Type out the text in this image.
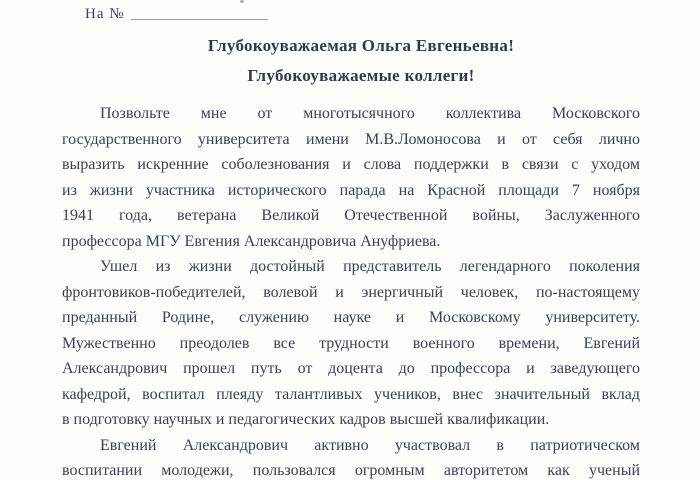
На №
Глубокоуважаемая Ольга Евгеньевна!
Глубокоуважаемые коллеги!
Позвольте мне от многотысячного коллектива Московского
государственного университета имени М.В.Ломоносова и от себя лично
выразить искренние соболезнования и слова поддержки в связи с уходом
из жизни участника исторического парада на Красной площади 7 ноября
1941 года, ветерана Великой Отечественной войны, Заслуженного
профессора МГУ Евгения Александровича Ануфриева.
Ушел из жизни достойный представитель легендарного поколения
фронтовиков-победителей, волевой и энергичный человек, по-настоящему
преданный Родине, служению науке и Московскому университету.
Мужественно преодолев все трудности военного времени, Евгений
Александрович прошел путь от доцента до профессора и заведующего
кафедрой, воспитал плеяду талантливых учеников, внес значительный вклад
в подготовку научных и педагогических кадров высшей квалификации.
Евгений Александрович активно участвовал в патриотическом
воспитании молодежи, пользовался огромным авторитетом как ученый
